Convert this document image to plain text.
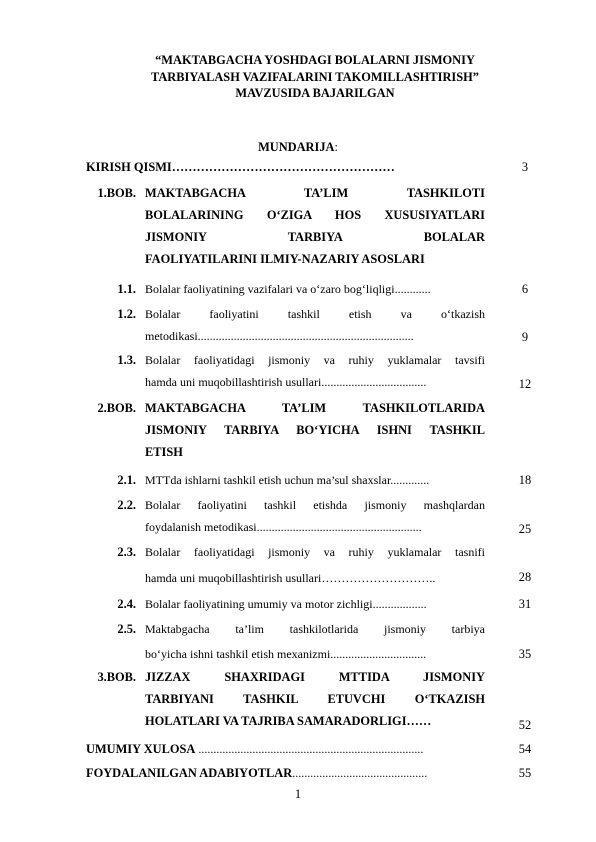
“MAKTABGACHA YOSHDAGI BOLALARNI JISMONIY
TARBIYALASH VAZIFALARINI TAKOMILLASHTIRISH”
MAVZUSIDA BAJARILGAN
MUNDARIJA:
KIRISH QISMI………………………………………………	3
1.BOB. MAKTABGACHA TA’LIM TASHKILOTI
BOLALARINING O‘ZIGA HOS XUSUSIYATLARI
JISMONIY TARBIYA BOLALAR
FAOLIYATILARINI ILMIY-NAZARIY ASOSLARI
1.1. Bolalar faoliyatining vazifalari va o‘zaro bog‘liqligi............	6
1.2. Bolalar faoliyatini tashkil etish va o‘tkazish
metodikasi........................................................................	9
1.3. Bolalar faoliyatidagi jismoniy va ruhiy yuklamalar tavsifi
hamda uni muqobillashtirish usullari...................................	12
2.BOB. MAKTABGACHA TA’LIM TASHKILOTLARIDA
JISMONIY TARBIYA BO‘YICHA ISHNI TASHKIL
ETISH
2.1. MTTda ishlarni tashkil etish uchun ma’sul shaxslar.............	18
2.2. Bolalar faoliyatini tashkil etishda jismoniy mashqlardan
foydalanish metodikasi.......................................................	25
2.3. Bolalar faoliyatidagi jismoniy va ruhiy yuklamalar tasnifi
hamda uni muqobillashtirish usullari………………………..	28
2.4. Bolalar faoliyatining umumiy va motor zichligi..................	31
2.5. Maktabgacha ta’lim tashkilotlarida jismoniy tarbiya
bo‘yicha ishni tashkil etish mexanizmi................................	35
3.BOB. JIZZAX SHAXRIDAGI MTTIDA JISMONIY
TARBIYANI TASHKIL ETUVCHI O‘TKAZISH
HOLATLARI VA TAJRIBA SAMARADORLIGI……	52
UMUMIY XULOSA ...........................................................................	54
FOYDALANILGAN ADABIYOTLAR.............................................	55
1
